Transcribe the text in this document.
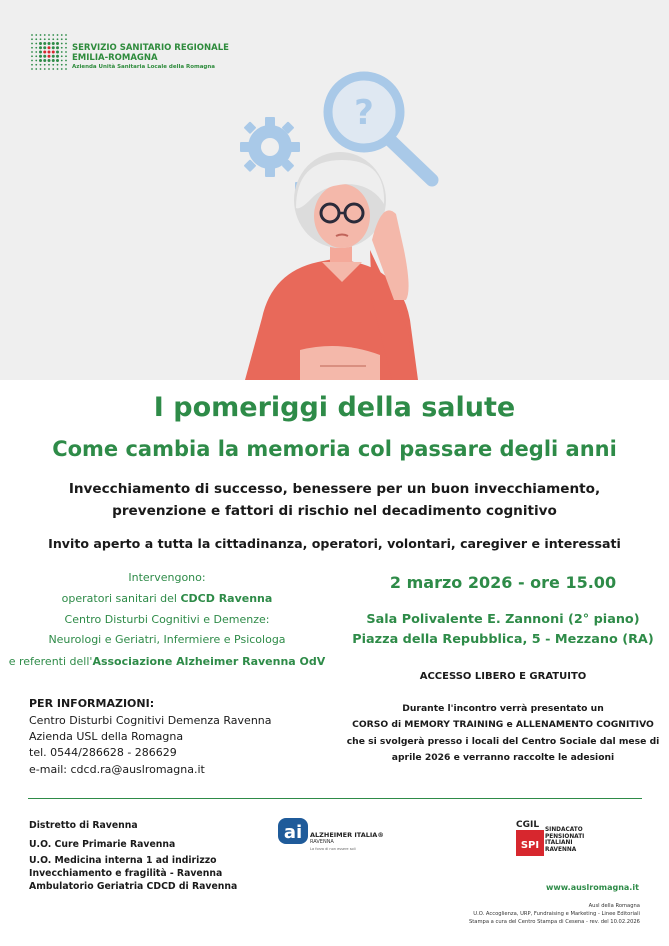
SERVIZIO SANITARIO REGIONALE
EMILIA-ROMAGNA
Azienda Unità Sanitaria Locale della Romagna
?
I pomeriggi della salute
Come cambia la memoria col passare degli anni
Invecchiamento di successo, benessere per un buon invecchiamento,
prevenzione e fattori di rischio nel decadimento cognitivo
Invito aperto a tutta la cittadinanza, operatori, volontari, caregiver e interessati
Intervengono:
operatori sanitari del CDCD Ravenna
Centro Disturbi Cognitivi e Demenze:
Neurologi e Geriatri, Infermiere e Psicologa
e referenti dell'Associazione Alzheimer Ravenna OdV
2 marzo 2026 - ore 15.00
Sala Polivalente E. Zannoni (2° piano)
Piazza della Repubblica, 5 - Mezzano (RA)
ACCESSO LIBERO E GRATUITO
Durante l'incontro verrà presentato un
CORSO di MEMORY TRAINING e ALLENAMENTO COGNITIVO
che si svolgerà presso i locali del Centro Sociale dal mese di
aprile 2026 e verranno raccolte le adesioni
PER INFORMAZIONI:
Centro Disturbi Cognitivi Demenza Ravenna
Azienda USL della Romagna
tel. 0544/286628 - 286629
e-mail: cdcd.ra@auslromagna.it
Distretto di Ravenna
U.O. Cure Primarie Ravenna
U.O. Medicina interna 1 ad indirizzo
Invecchiamento e fragilità - Ravenna
Ambulatorio Geriatria CDCD di Ravenna
ai ALZHEIMER ITALIA®
RAVENNA
La forza di non essere soli
CGIL
SPI
SINDACATO
PENSIONATI
ITALIANI
RAVENNA
www.auslromagna.it
Ausl della Romagna
U.O. Accoglienza, URP, Fundraising e Marketing - Linee Editoriali
Stampa a cura del Centro Stampa di Cesena - rev. del 10.02.2026
